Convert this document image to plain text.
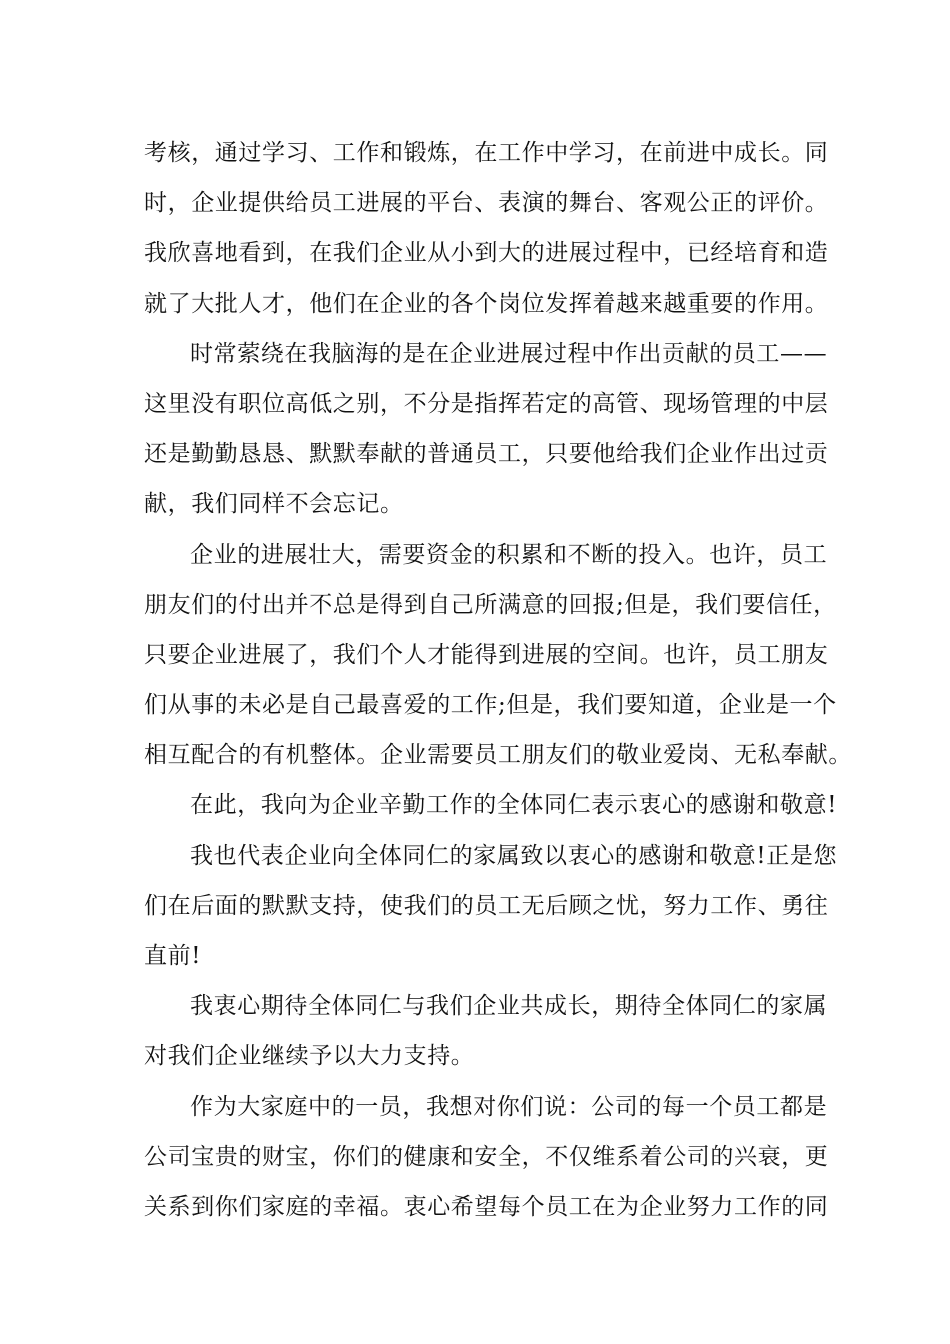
考核，通过学习、工作和锻炼，在工作中学习，在前进中成长。同
时，企业提供给员工进展的平台、表演的舞台、客观公正的评价。
我欣喜地看到，在我们企业从小到大的进展过程中，已经培育和造
就了大批人才，他们在企业的各个岗位发挥着越来越重要的作用。
时常萦绕在我脑海的是在企业进展过程中作出贡献的员工——
这里没有职位高低之别，不分是指挥若定的高管、现场管理的中层
还是勤勤恳恳、默默奉献的普通员工，只要他给我们企业作出过贡
献，我们同样不会忘记。
企业的进展壮大，需要资金的积累和不断的投入。也许，员工
朋友们的付出并不总是得到自己所满意的回报;但是，我们要信任，
只要企业进展了，我们个人才能得到进展的空间。也许，员工朋友
们从事的未必是自己最喜爱的工作;但是，我们要知道，企业是一个
相互配合的有机整体。企业需要员工朋友们的敬业爱岗、无私奉献。
在此，我向为企业辛勤工作的全体同仁表示衷心的感谢和敬意!
我也代表企业向全体同仁的家属致以衷心的感谢和敬意!正是您
们在后面的默默支持，使我们的员工无后顾之忧，努力工作、勇往
直前!
我衷心期待全体同仁与我们企业共成长，期待全体同仁的家属
对我们企业继续予以大力支持。
作为大家庭中的一员，我想对你们说：公司的每一个员工都是
公司宝贵的财宝，你们的健康和安全，不仅维系着公司的兴衰，更
关系到你们家庭的幸福。衷心希望每个员工在为企业努力工作的同
